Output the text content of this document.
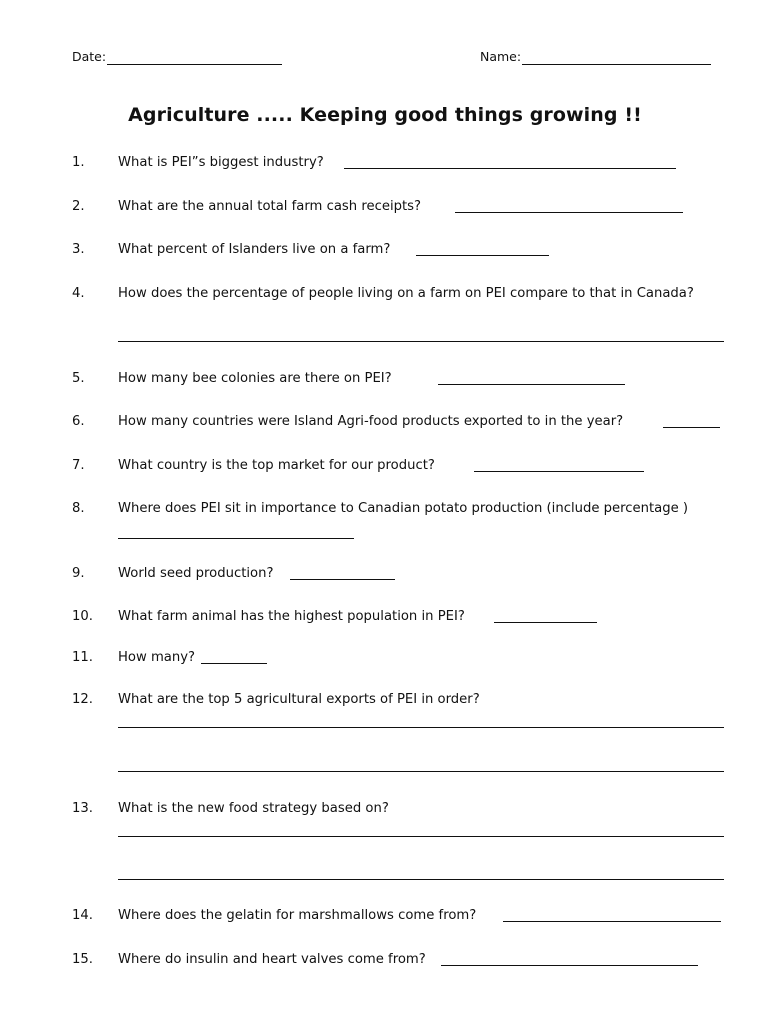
Date:	Name:
Agriculture ..... Keeping good things growing !!
1.	What is PEI”s biggest industry?
2.	What are the annual total farm cash receipts?
3.	What percent of Islanders live on a farm?
4.	How does the percentage of people living on a farm on PEI compare to that in Canada?
5.	How many bee colonies are there on PEI?
6.	How many countries were Island Agri-food products exported to in the year?
7.	What country is the top market for our product?
8.	Where does PEI sit in importance to Canadian potato production (include percentage )
9.	World seed production?
10. What farm animal has the highest population in PEI?
11. How many?
12. What are the top 5 agricultural exports of PEI in order?
13. What is the new food strategy based on?
14. Where does the gelatin for marshmallows come from?
15. Where do insulin and heart valves come from?
